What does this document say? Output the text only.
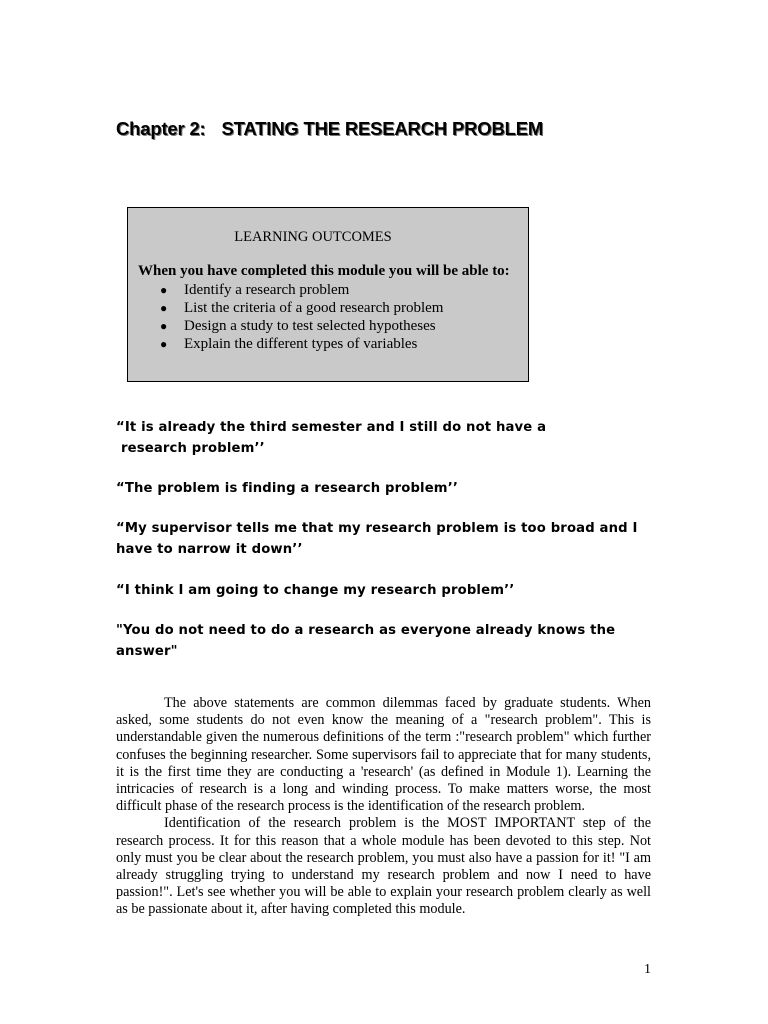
Chapter 2: STATING THE RESEARCH PROBLEM
LEARNING OUTCOMES
When you have completed this module you will be able to:
● Identify a research problem
● List the criteria of a good research problem
● Design a study to test selected hypotheses
● Explain the different types of variables
“It is already the third semester and I still do not have a
research problem’’
“The problem is finding a research problem’’
“My supervisor tells me that my research problem is too broad and I
have to narrow it down’’
“I think I am going to change my research problem’’
"You do not need to do a research as everyone already knows the
answer"

The above statements are common dilemmas faced by graduate students. When asked, some students do not even know the meaning of a "research problem". This is understandable given the numerous definitions of the term :"research problem" which further confuses the beginning researcher. Some supervisors fail to appreciate that for many students, it is the first time they are conducting a 'research' (as defined in Module 1). Learning the intricacies of research is a long and winding process. To make matters worse, the most difficult phase of the research process is the identification of the research problem.

Identification of the research problem is the MOST IMPORTANT step of the research process. It for this reason that a whole module has been devoted to this step. Not only must you be clear about the research problem, you must also have a passion for it! "I am already struggling trying to understand my research problem and now I need to have passion!". Let's see whether you will be able to explain your research problem clearly as well as be passionate about it, after having completed this module.

1
